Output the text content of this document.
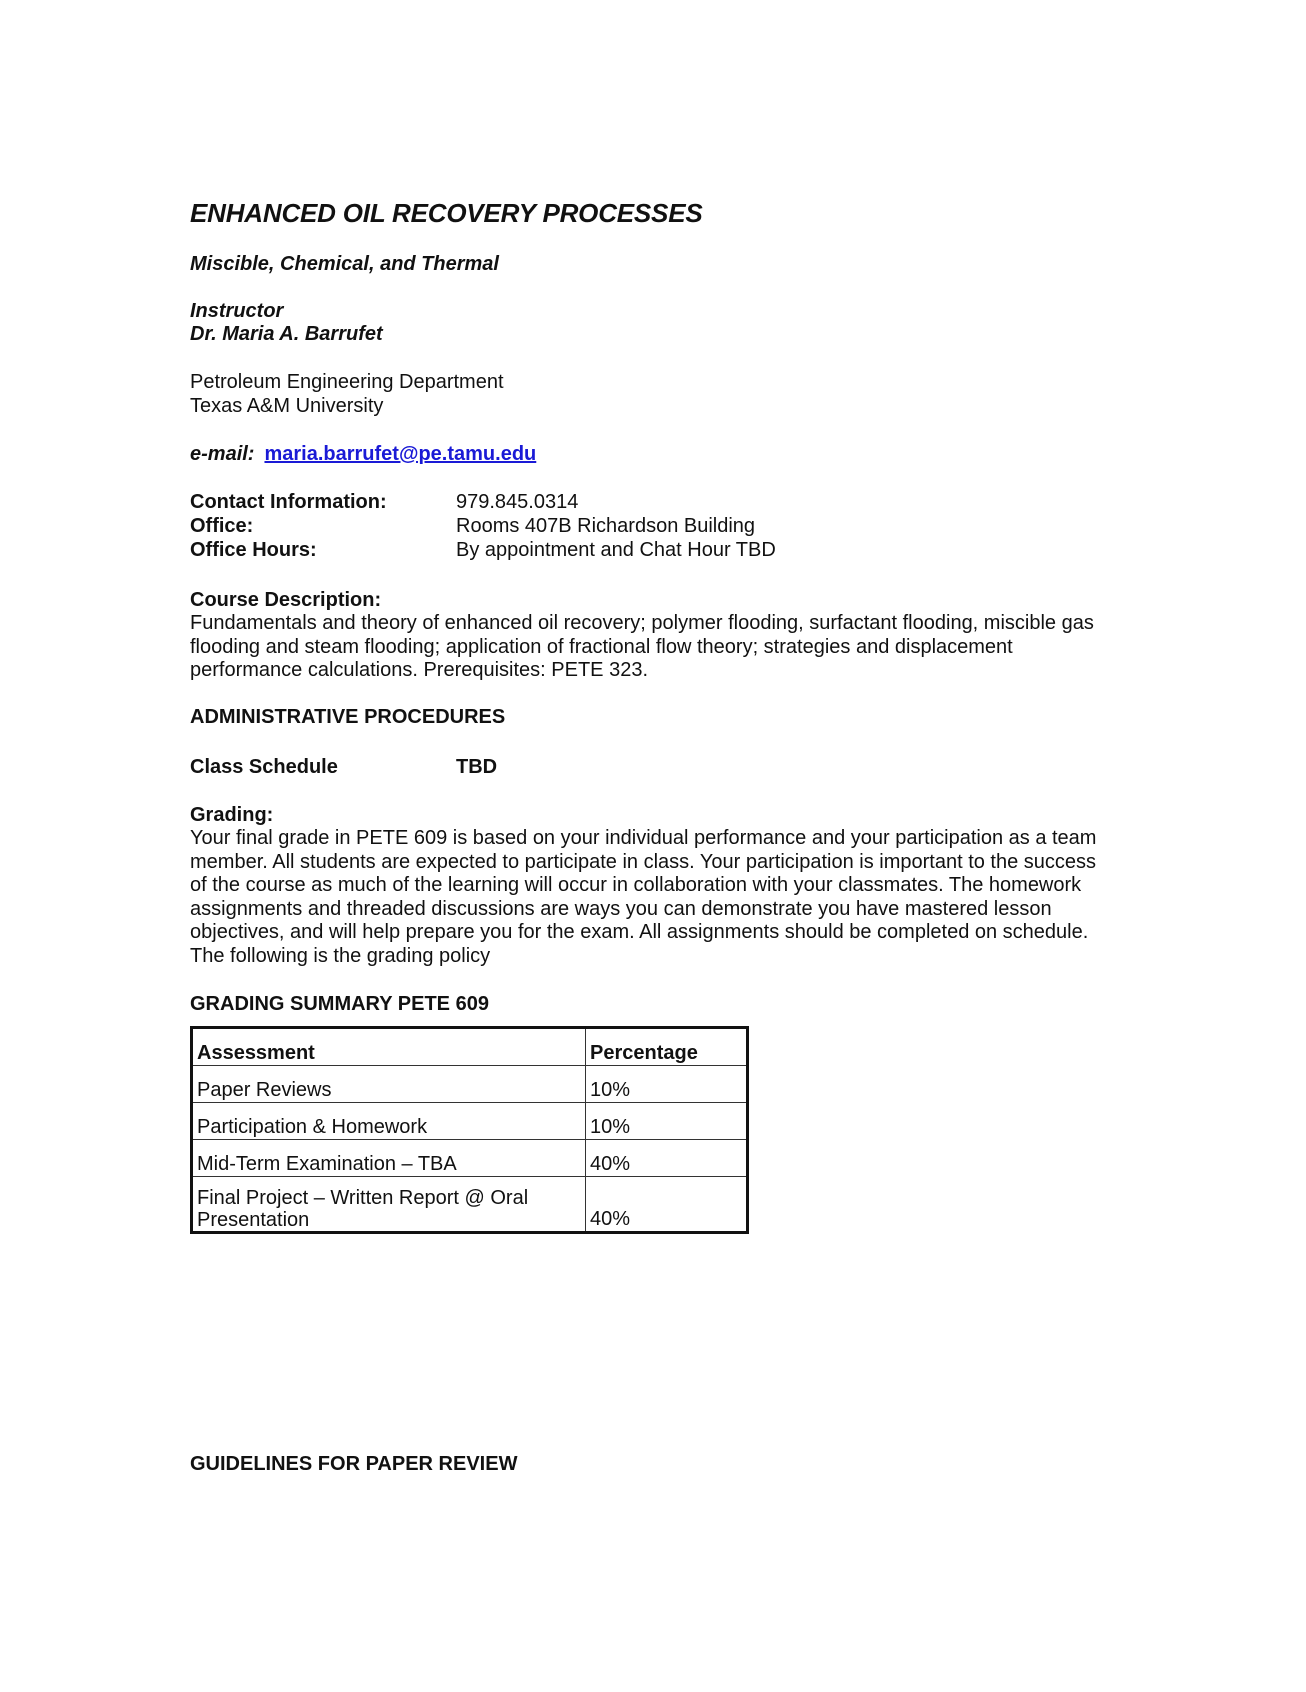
ENHANCED OIL RECOVERY PROCESSES
Miscible, Chemical, and Thermal
Instructor
Dr. Maria A. Barrufet
Petroleum Engineering Department
Texas A&M University
e-mail: maria.barrufet@pe.tamu.edu
Contact Information:	979.845.0314
Office:	Rooms 407B Richardson Building
Office Hours:	By appointment and Chat Hour TBD
Course Description:
Fundamentals and theory of enhanced oil recovery; polymer flooding, surfactant flooding, miscible gas flooding and steam flooding; application of fractional flow theory; strategies and displacement performance calculations. Prerequisites: PETE 323.
ADMINISTRATIVE PROCEDURES
Class Schedule	TBD
Grading:
Your final grade in PETE 609 is based on your individual performance and your participation as a team member. All students are expected to participate in class. Your participation is important to the success of the course as much of the learning will occur in collaboration with your classmates. The homework assignments and threaded discussions are ways you can demonstrate you have mastered lesson objectives, and will help prepare you for the exam. All assignments should be completed on schedule. The following is the grading policy
GRADING SUMMARY PETE 609
Assessment	Percentage
Paper Reviews	10%
Participation & Homework	10%
Mid-Term Examination – TBA	40%
Final Project – Written Report @ Oral Presentation	40%
GUIDELINES FOR PAPER REVIEW
